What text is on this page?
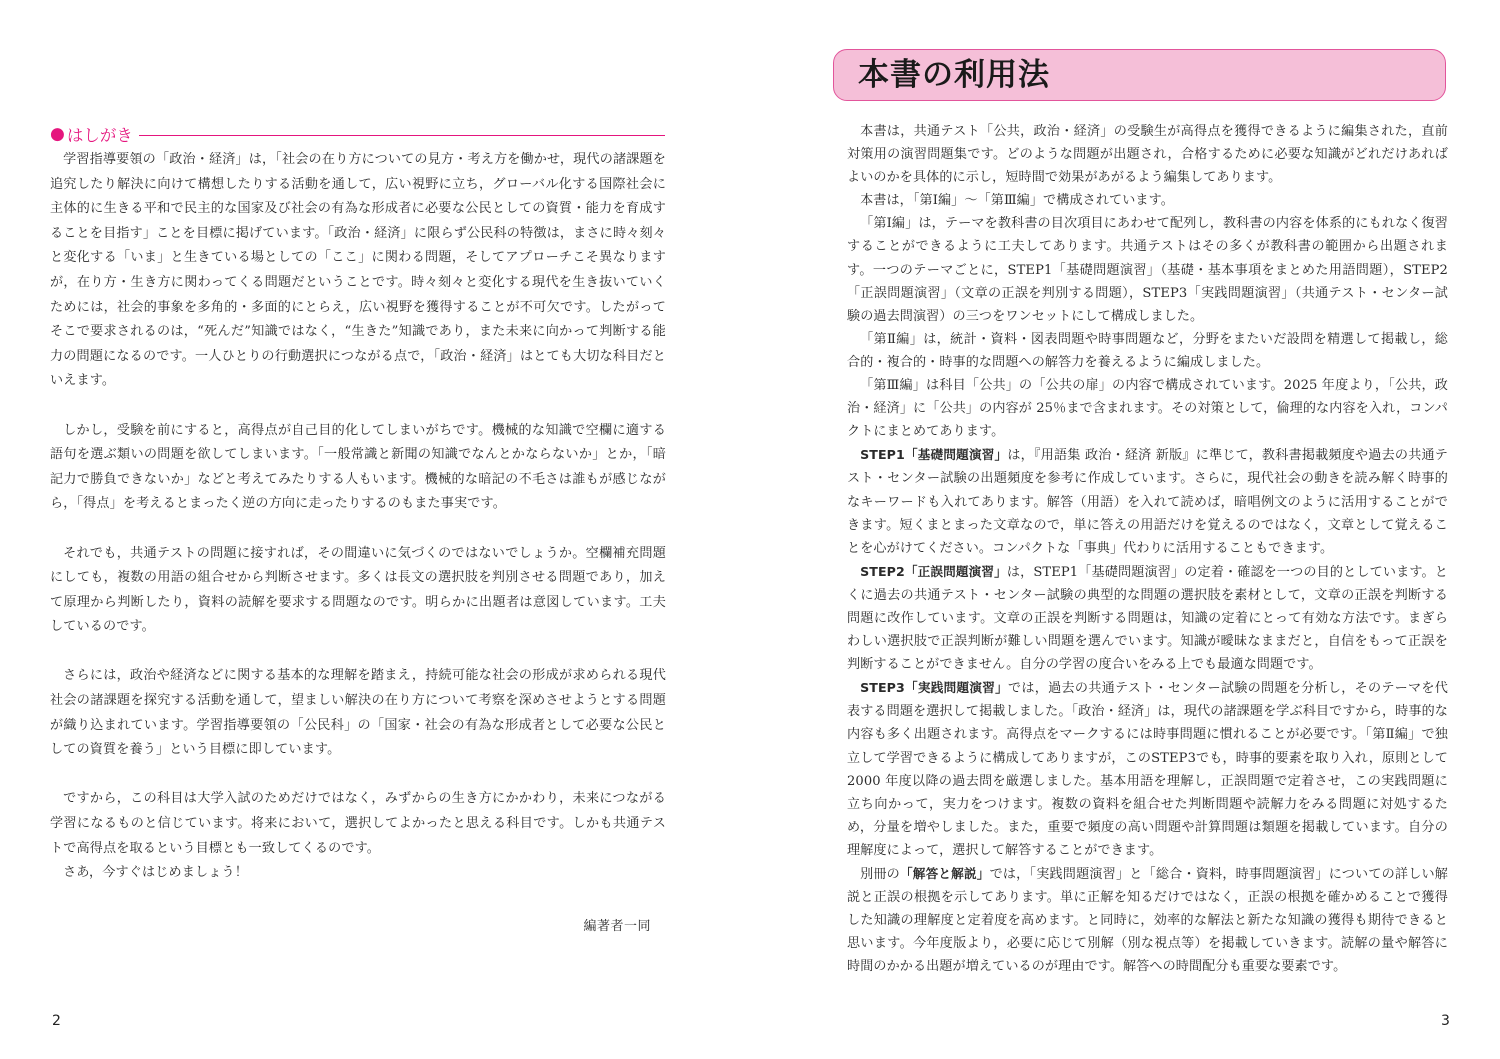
● はしがき

学習指導要領の「政治・経済」は，「社会の在り方についての見方・考え方を働かせ，現代の諸課題を追究したり解決に向けて構想したりする活動を通して，広い視野に立ち，グローバル化する国際社会に主体的に生きる平和で民主的な国家及び社会の有為な形成者に必要な公民としての資質・能力を育成することを目指す」ことを目標に掲げています。「政治・経済」に限らず公民科の特徴は，まさに時々刻々と変化する「いま」と生きている場としての「ここ」に関わる問題，そしてアプローチこそ異なりますが，在り方・生き方に関わってくる問題だということです。時々刻々と変化する現代を生き抜いていくためには，社会的事象を多角的・多面的にとらえ，広い視野を獲得することが不可欠です。したがってそこで要求されるのは，“死んだ”知識ではなく，“生きた”知識であり，また未来に向かって判断する能力の問題になるのです。一人ひとりの行動選択につながる点で，「政治・経済」はとても大切な科目だといえます。

しかし，受験を前にすると，高得点が自己目的化してしまいがちです。機械的な知識で空欄に適する語句を選ぶ類いの問題を欲してしまいます。「一般常識と新聞の知識でなんとかならないか」とか，「暗記力で勝負できないか」などと考えてみたりする人もいます。機械的な暗記の不毛さは誰もが感じながら，「得点」を考えるとまったく逆の方向に走ったりするのもまた事実です。

それでも，共通テストの問題に接すれば，その間違いに気づくのではないでしょうか。空欄補充問題にしても，複数の用語の組合せから判断させます。多くは長文の選択肢を判別させる問題であり，加えて原理から判断したり，資料の読解を要求する問題なのです。明らかに出題者は意図しています。工夫しているのです。

さらには，政治や経済などに関する基本的な理解を踏まえ，持続可能な社会の形成が求められる現代社会の諸課題を探究する活動を通して，望ましい解決の在り方について考察を深めさせようとする問題が織り込まれています。学習指導要領の「公民科」の「国家・社会の有為な形成者として必要な公民としての資質を養う」という目標に即しています。

ですから，この科目は大学入試のためだけではなく，みずからの生き方にかかわり，未来につながる学習になるものと信じています。将来において，選択してよかったと思える科目です。しかも共通テストで高得点を取るという目標とも一致してくるのです。

さあ，今すぐはじめましょう！

編著者一同
2
本書の利用法

本書は，共通テスト「公共，政治・経済」の受験生が高得点を獲得できるように編集された，直前対策用の演習問題集です。どのような問題が出題され，合格するために必要な知識がどれだけあればよいのかを具体的に示し，短時間で効果があがるよう編集してあります。

本書は，「第Ⅰ編」～「第Ⅲ編」で構成されています。

「第Ⅰ編」は，テーマを教科書の目次項目にあわせて配列し，教科書の内容を体系的にもれなく復習することができるように工夫してあります。共通テストはその多くが教科書の範囲から出題されます。一つのテーマごとに，STEP1「基礎問題演習」（基礎・基本事項をまとめた用語問題），STEP2「正誤問題演習」（文章の正誤を判別する問題），STEP3「実践問題演習」（共通テスト・センター試験の過去問演習）の三つをワンセットにして構成しました。

「第Ⅱ編」は，統計・資料・図表問題や時事問題など，分野をまたいだ設問を精選して掲載し，総合的・複合的・時事的な問題への解答力を養えるように編成しました。

「第Ⅲ編」は科目「公共」の「公共の扉」の内容で構成されています。2025 年度より，「公共，政治・経済」に「公共」の内容が 25％まで含まれます。その対策として，倫理的な内容を入れ，コンパクトにまとめてあります。

STEP1「基礎問題演習」は，『用語集 政治・経済 新版』に準じて，教科書掲載頻度や過去の共通テスト・センター試験の出題頻度を参考に作成しています。さらに，現代社会の動きを読み解く時事的なキーワードも入れてあります。解答（用語）を入れて読めば，暗唱例文のように活用することができます。短くまとまった文章なので，単に答えの用語だけを覚えるのではなく，文章として覚えることを心がけてください。コンパクトな「事典」代わりに活用することもできます。

STEP2「正誤問題演習」は，STEP1「基礎問題演習」の定着・確認を一つの目的としています。とくに過去の共通テスト・センター試験の典型的な問題の選択肢を素材として，文章の正誤を判断する問題に改作しています。文章の正誤を判断する問題は，知識の定着にとって有効な方法です。まぎらわしい選択肢で正誤判断が難しい問題を選んでいます。知識が曖昧なままだと，自信をもって正誤を判断することができません。自分の学習の度合いをみる上でも最適な問題です。

STEP3「実践問題演習」では，過去の共通テスト・センター試験の問題を分析し，そのテーマを代表する問題を選択して掲載しました。「政治・経済」は，現代の諸課題を学ぶ科目ですから，時事的な内容も多く出題されます。高得点をマークするには時事問題に慣れることが必要です。「第Ⅱ編」で独立して学習できるように構成してありますが，このSTEP3でも，時事的要素を取り入れ，原則として 2000 年度以降の過去問を厳選しました。基本用語を理解し，正誤問題で定着させ，この実践問題に立ち向かって，実力をつけます。複数の資料を組合せた判断問題や読解力をみる問題に対処するため，分量を増やしました。また，重要で頻度の高い問題や計算問題は類題を掲載しています。自分の理解度によって，選択して解答することができます。

別冊の「解答と解説」では，「実践問題演習」と「総合・資料，時事問題演習」についての詳しい解説と正誤の根拠を示してあります。単に正解を知るだけではなく，正誤の根拠を確かめることで獲得した知識の理解度と定着度を高めます。と同時に，効率的な解法と新たな知識の獲得も期待できると思います。今年度版より，必要に応じて別解（別な視点等）を掲載していきます。読解の量や解答に時間のかかる出題が増えているのが理由です。解答への時間配分も重要な要素です。

3
